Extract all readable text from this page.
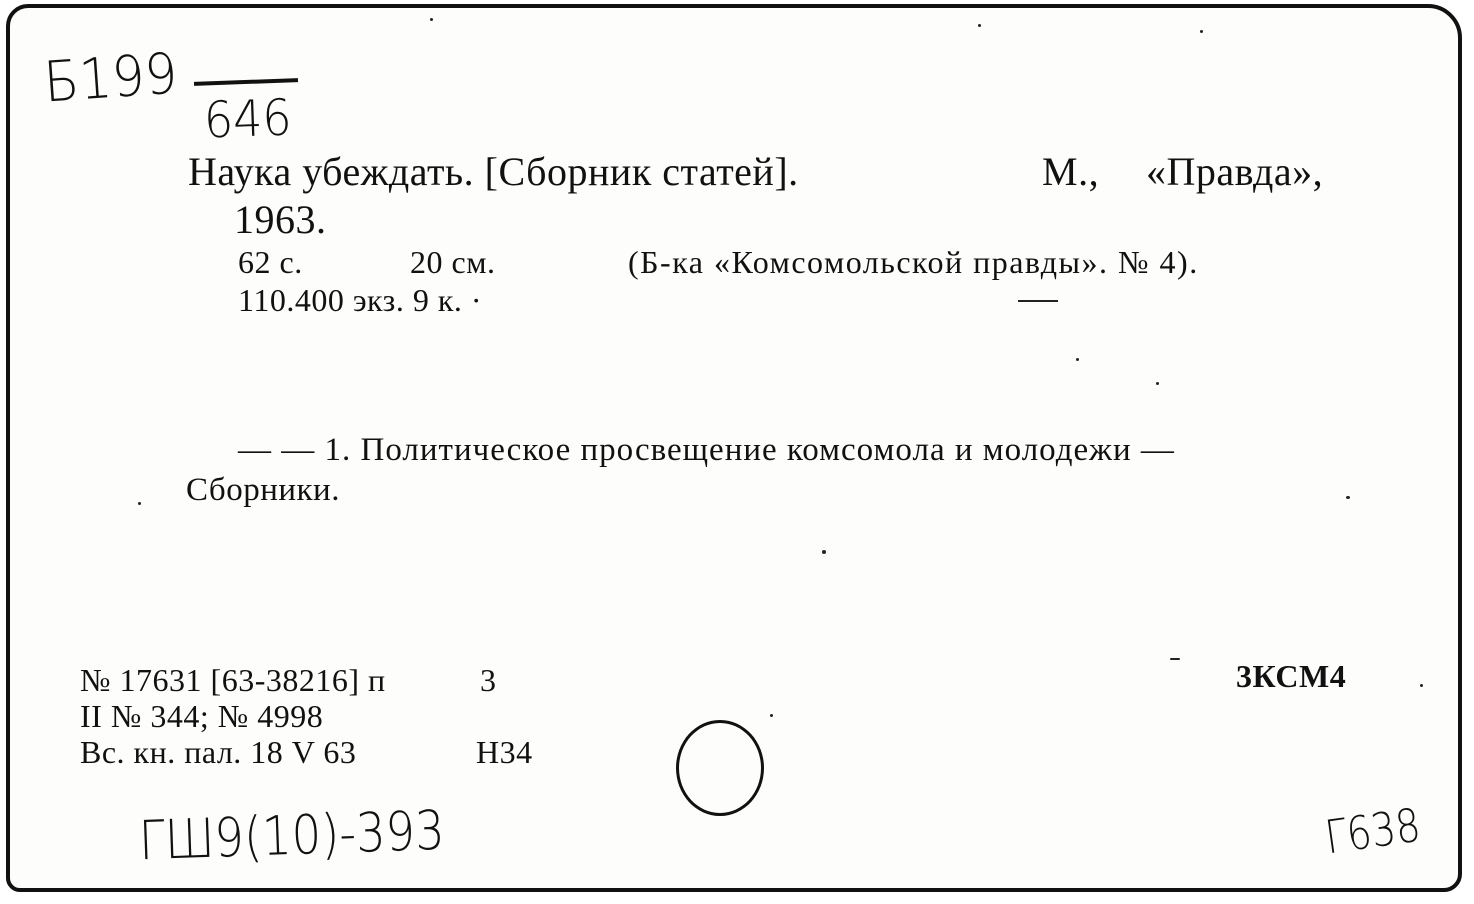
Б199
646
Наука убеждать. [Сборник статей].	М., «Правда»,
1963.
62 с.	20 см.	(Б-ка «Комсомольской правды». № 4).
110.400 экз. 9 к. ·
— — 1. Политическое просвещение комсомола и молодежи —
Сборники.
№ 17631 [63-38216] п	3
II № 344; № 4998
Вс. кн. пал. 18 V 63	Н34
3КСМ4
ГШ9(10)-393	Г638
